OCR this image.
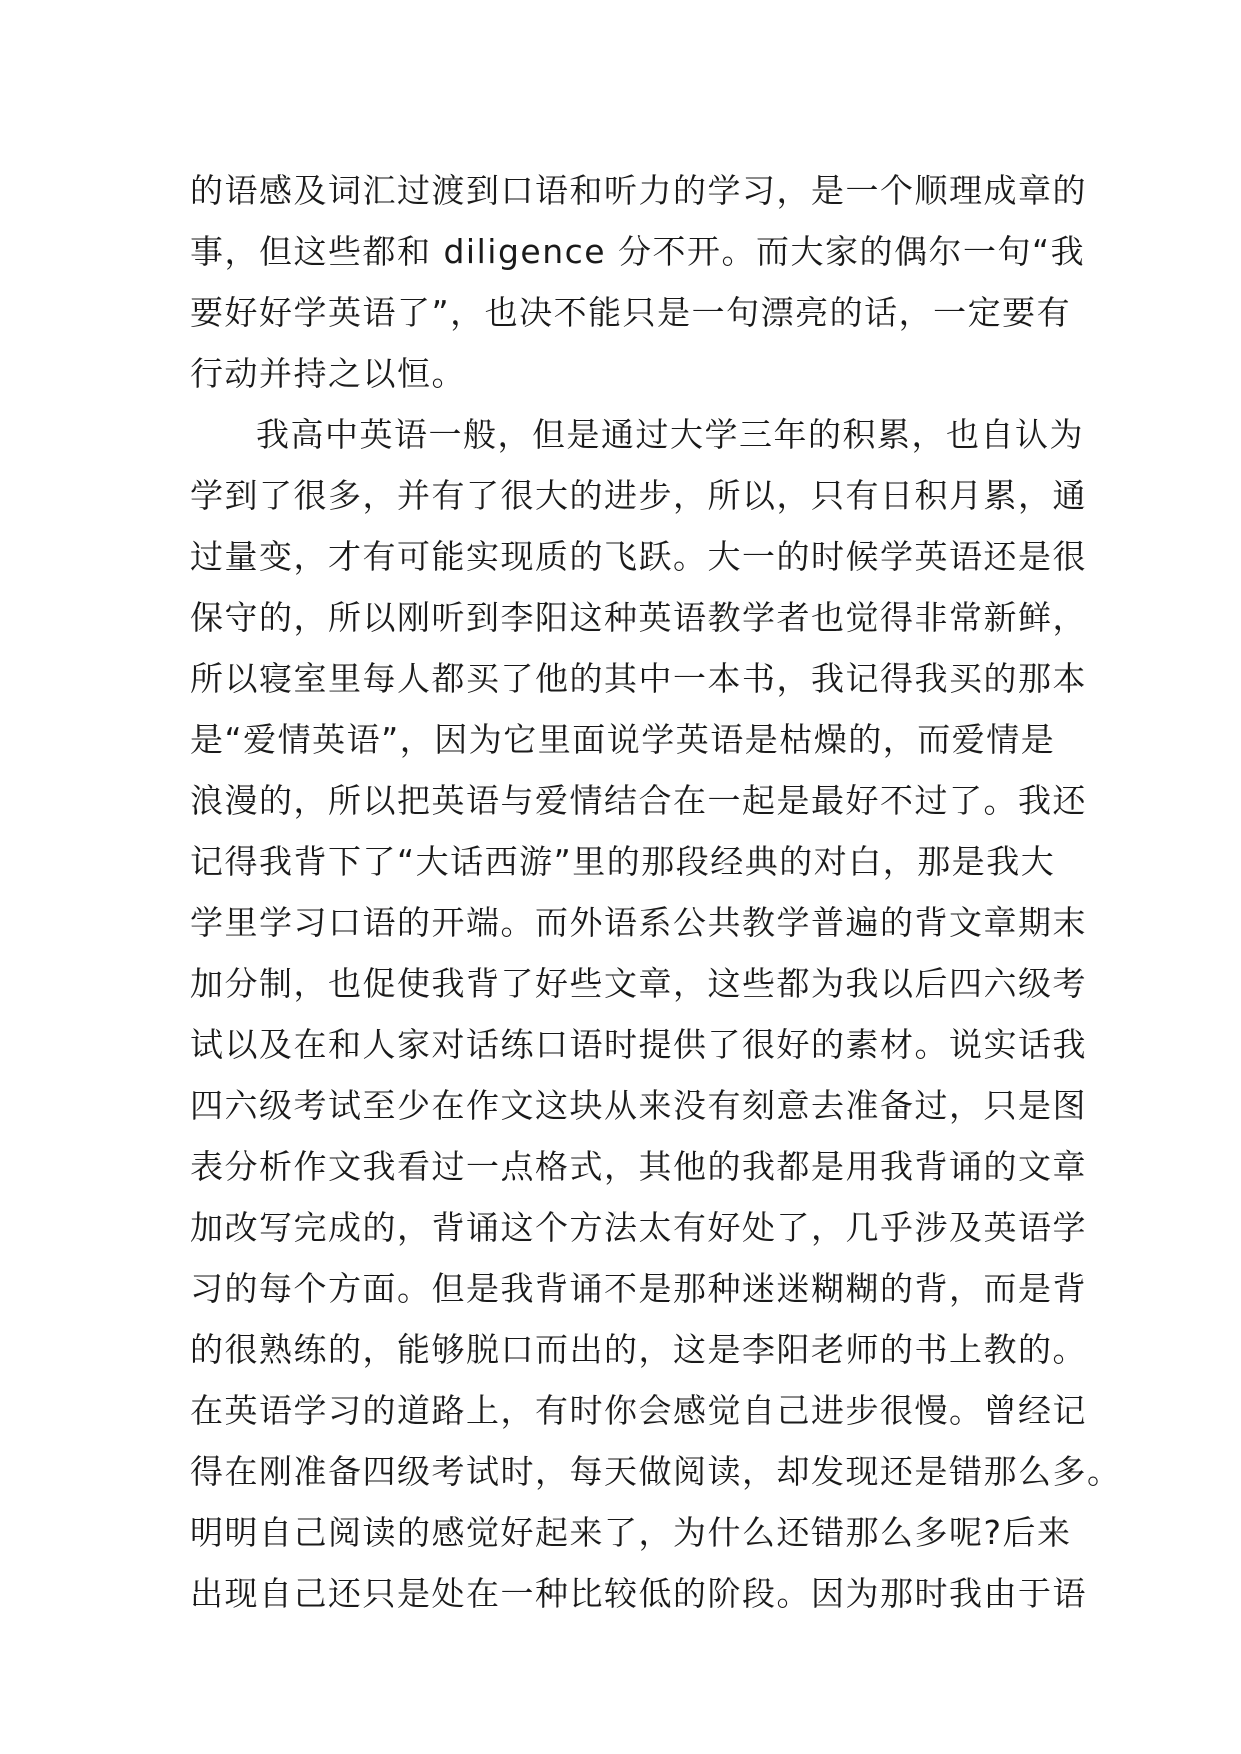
的语感及词汇过渡到口语和听力的学习，是一个顺理成章的
事，但这些都和 diligence 分不开。而大家的偶尔一句“我
要好好学英语了”，也决不能只是一句漂亮的话，一定要有
行动并持之以恒。
我高中英语一般，但是通过大学三年的积累，也自认为
学到了很多，并有了很大的进步，所以，只有日积月累，通
过量变，才有可能实现质的飞跃。大一的时候学英语还是很
保守的，所以刚听到李阳这种英语教学者也觉得非常新鲜，
所以寝室里每人都买了他的其中一本书，我记得我买的那本
是“爱情英语”，因为它里面说学英语是枯燥的，而爱情是
浪漫的，所以把英语与爱情结合在一起是最好不过了。我还
记得我背下了“大话西游”里的那段经典的对白，那是我大
学里学习口语的开端。而外语系公共教学普遍的背文章期末
加分制，也促使我背了好些文章，这些都为我以后四六级考
试以及在和人家对话练口语时提供了很好的素材。说实话我
四六级考试至少在作文这块从来没有刻意去准备过，只是图
表分析作文我看过一点格式，其他的我都是用我背诵的文章
加改写完成的，背诵这个方法太有好处了，几乎涉及英语学
习的每个方面。但是我背诵不是那种迷迷糊糊的背，而是背
的很熟练的，能够脱口而出的，这是李阳老师的书上教的。
在英语学习的道路上，有时你会感觉自己进步很慢。曾经记
得在刚准备四级考试时，每天做阅读，却发现还是错那么多。
明明自己阅读的感觉好起来了，为什么还错那么多呢?后来
出现自己还只是处在一种比较低的阶段。因为那时我由于语
